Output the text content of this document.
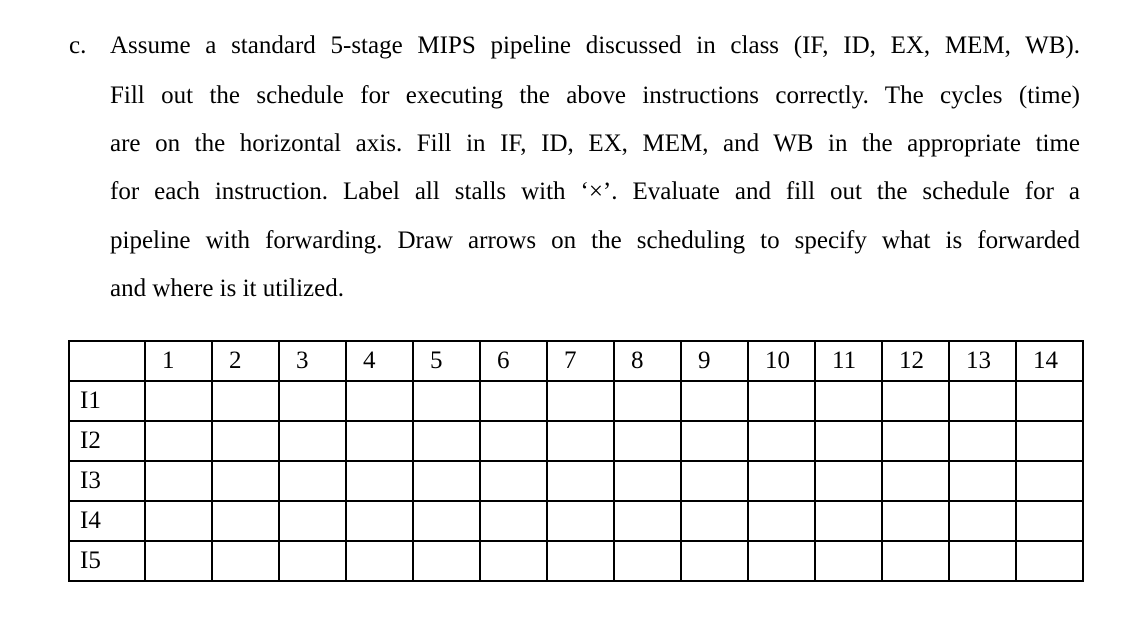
c. Assume a standard 5-stage MIPS pipeline discussed in class (IF, ID, EX, MEM, WB).
Fill out the schedule for executing the above instructions correctly. The cycles (time)
are on the horizontal axis. Fill in IF, ID, EX, MEM, and WB in the appropriate time
for each instruction. Label all stalls with ‘×’. Evaluate and fill out the schedule for a
pipeline with forwarding. Draw arrows on the scheduling to specify what is forwarded
and where is it utilized.
	1	2	3	4	5	6	7	8	9	10	11	12	13	14
I1														
I2														
I3														
I4														
I5														
